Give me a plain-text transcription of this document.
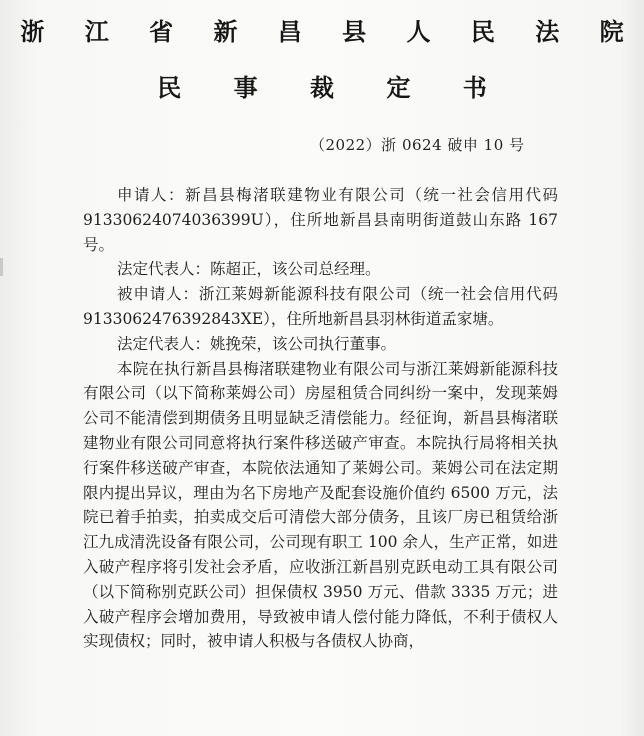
浙 江 省 新 昌 县 人 民 法 院
民 事 裁 定 书
（2022）浙 0624 破申 10 号

申请人：新昌县梅渚联建物业有限公司（统一社会信用代码 91330624074036399U），住所地新昌县南明街道鼓山东路 167 号。

法定代表人：陈超正，该公司总经理。

被申请人：浙江莱姆新能源科技有限公司（统一社会信用代码 9133062476392843XE），住所地新昌县羽林街道孟家塘。

法定代表人：姚挽荣，该公司执行董事。

本院在执行新昌县梅渚联建物业有限公司与浙江莱姆新能源科技有限公司（以下简称莱姆公司）房屋租赁合同纠纷一案中，发现莱姆公司不能清偿到期债务且明显缺乏清偿能力。经征询，新昌县梅渚联建物业有限公司同意将执行案件移送破产审查。本院执行局将相关执行案件移送破产审查，本院依法通知了莱姆公司。莱姆公司在法定期限内提出异议，理由为名下房地产及配套设施价值约 6500 万元，法院已着手拍卖，拍卖成交后可清偿大部分债务，且该厂房已租赁给浙江九成清洗设备有限公司，公司现有职工 100 余人，生产正常，如进入破产程序将引发社会矛盾，应收浙江新昌别克跃电动工具有限公司（以下简称别克跃公司）担保债权 3950 万元、借款 3335 万元；进入破产程序会增加费用，导致被申请人偿付能力降低，不利于债权人实现债权；同时，被申请人积极与各债权人协商，
